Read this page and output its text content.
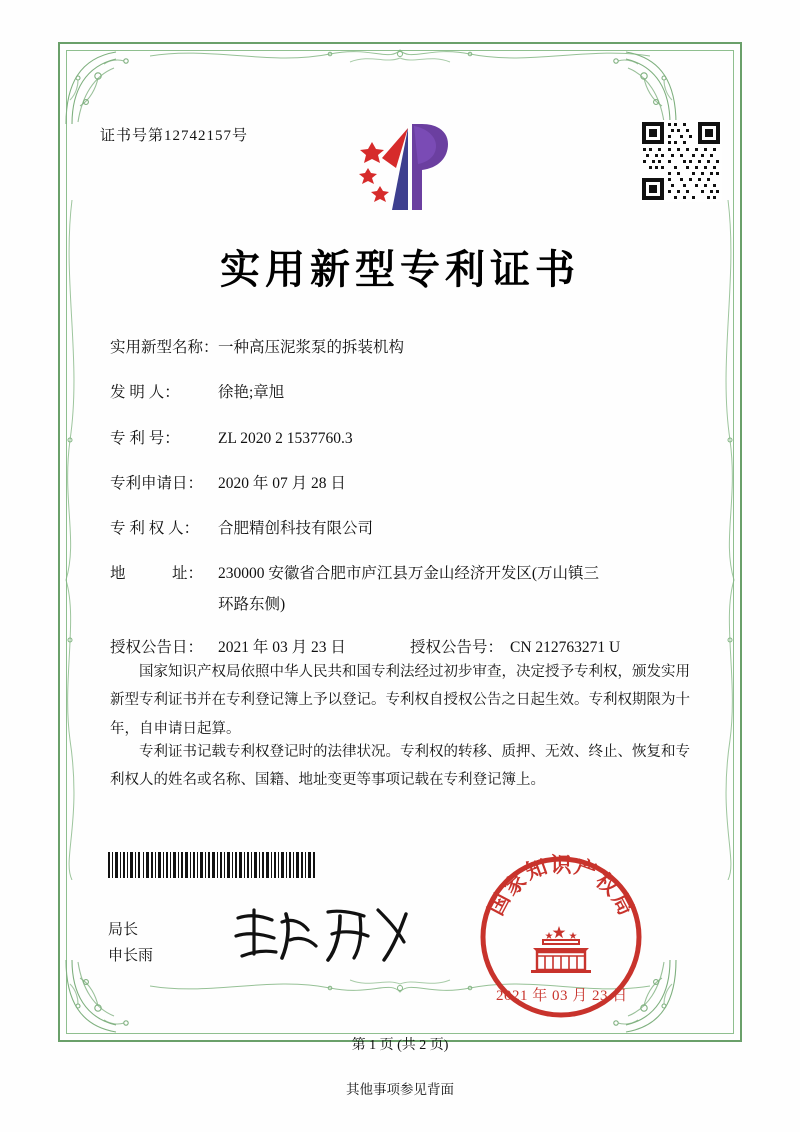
证书号第12742157号
实用新型专利证书
实用新型名称： 一种高压泥浆泵的拆装机构
发 明 人：	徐艳;章旭
专 利 号：	ZL 2020 2 1537760.3
专利申请日： 2020 年 07 月 28 日
专 利 权 人：	合肥精创科技有限公司
地　　　址： 230000 安徽省合肥市庐江县万金山经济开发区(万山镇三
环路东侧)
授权公告日： 2021 年 03 月 23 日	授权公告号： CN 212763271 U
国家知识产权局依照中华人民共和国专利法经过初步审查，决定授予专利权，颁发实用新型专利证书并在专利登记簿上予以登记。专利权自授权公告之日起生效。专利权期限为十年，自申请日起算。
专利证书记载专利权登记时的法律状况。专利权的转移、质押、无效、终止、恢复和专利权人的姓名或名称、国籍、地址变更等事项记载在专利登记簿上。
局长
申长雨
国
家
知 识 产
权
局
2021 年 03 月 23 日
第 1 页 (共 2 页)
其他事项参见背面
